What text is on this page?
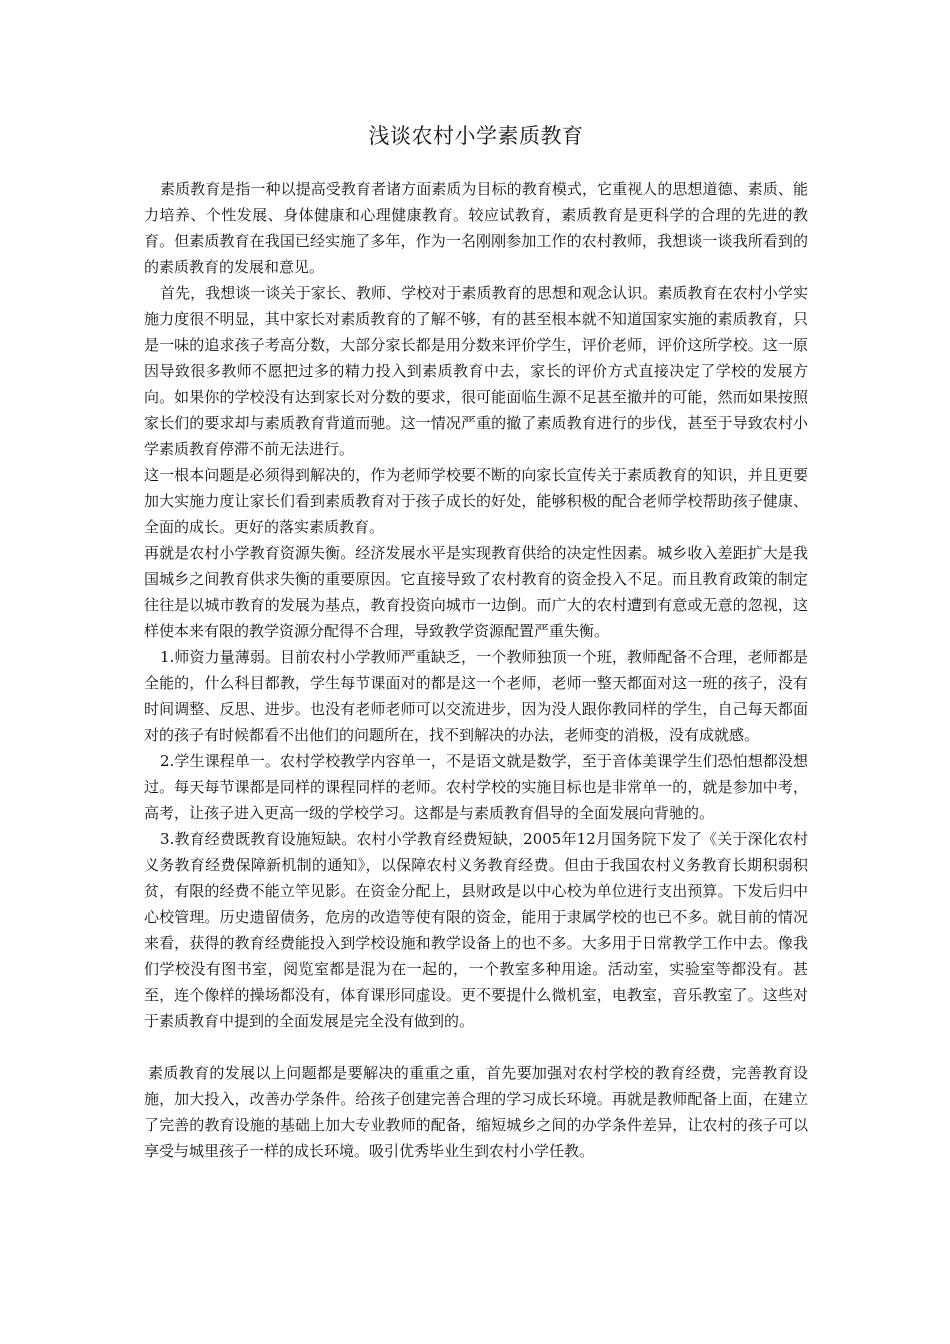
浅谈农村小学素质教育

素质教育是指一种以提高受教育者诸方面素质为目标的教育模式，它重视人的思想道德、素质、能力培养、个性发展、身体健康和心理健康教育。较应试教育，素质教育是更科学的合理的先进的教育。但素质教育在我国已经实施了多年，作为一名刚刚参加工作的农村教师，我想谈一谈我所看到的的素质教育的发展和意见。

首先，我想谈一谈关于家长、教师、学校对于素质教育的思想和观念认识。素质教育在农村小学实施力度很不明显，其中家长对素质教育的了解不够，有的甚至根本就不知道国家实施的素质教育，只是一味的追求孩子考高分数，大部分家长都是用分数来评价学生，评价老师，评价这所学校。这一原因导致很多教师不愿把过多的精力投入到素质教育中去，家长的评价方式直接决定了学校的发展方向。如果你的学校没有达到家长对分数的要求，很可能面临生源不足甚至撤并的可能，然而如果按照家长们的要求却与素质教育背道而驰。这一情况严重的撤了素质教育进行的步伐，甚至于导致农村小学素质教育停滞不前无法进行。

这一根本问题是必须得到解决的，作为老师学校要不断的向家长宣传关于素质教育的知识，并且更要加大实施力度让家长们看到素质教育对于孩子成长的好处，能够积极的配合老师学校帮助孩子健康、全面的成长。更好的落实素质教育。

再就是农村小学教育资源失衡。经济发展水平是实现教育供给的决定性因素。城乡收入差距扩大是我国城乡之间教育供求失衡的重要原因。它直接导致了农村教育的资金投入不足。而且教育政策的制定往往是以城市教育的发展为基点，教育投资向城市一边倒。而广大的农村遭到有意或无意的忽视，这样使本来有限的教学资源分配得不合理，导致教学资源配置严重失衡。

1.师资力量薄弱。目前农村小学教师严重缺乏，一个教师独顶一个班，教师配备不合理，老师都是全能的，什么科目都教，学生每节课面对的都是这一个老师，老师一整天都面对这一班的孩子，没有时间调整、反思、进步。也没有老师老师可以交流进步，因为没人跟你教同样的学生，自己每天都面对的孩子有时候都看不出他们的问题所在，找不到解决的办法，老师变的消极，没有成就感。

2.学生课程单一。农村学校教学内容单一，不是语文就是数学，至于音体美课学生们恐怕想都没想过。每天每节课都是同样的课程同样的老师。农村学校的实施目标也是非常单一的，就是参加中考，高考，让孩子进入更高一级的学校学习。这都是与素质教育倡导的全面发展向背驰的。

3.教育经费既教育设施短缺。农村小学教育经费短缺，2005年12月国务院下发了《关于深化农村义务教育经费保障新机制的通知》，以保障农村义务教育经费。但由于我国农村义务教育长期积弱积贫，有限的经费不能立竿见影。在资金分配上，县财政是以中心校为单位进行支出预算。下发后归中心校管理。历史遗留债务，危房的改造等使有限的资金，能用于隶属学校的也已不多。就目前的情况来看，获得的教育经费能投入到学校设施和教学设备上的也不多。大多用于日常教学工作中去。像我们学校没有图书室，阅览室都是混为在一起的，一个教室多种用途。活动室，实验室等都没有。甚至，连个像样的操场都没有，体育课形同虚设。更不要提什么微机室，电教室，音乐教室了。这些对于素质教育中提到的全面发展是完全没有做到的。

素质教育的发展以上问题都是要解决的重重之重，首先要加强对农村学校的教育经费，完善教育设施，加大投入，改善办学条件。给孩子创建完善合理的学习成长环境。再就是教师配备上面，在建立了完善的教育设施的基础上加大专业教师的配备，缩短城乡之间的办学条件差异，让农村的孩子可以享受与城里孩子一样的成长环境。吸引优秀毕业生到农村小学任教。
